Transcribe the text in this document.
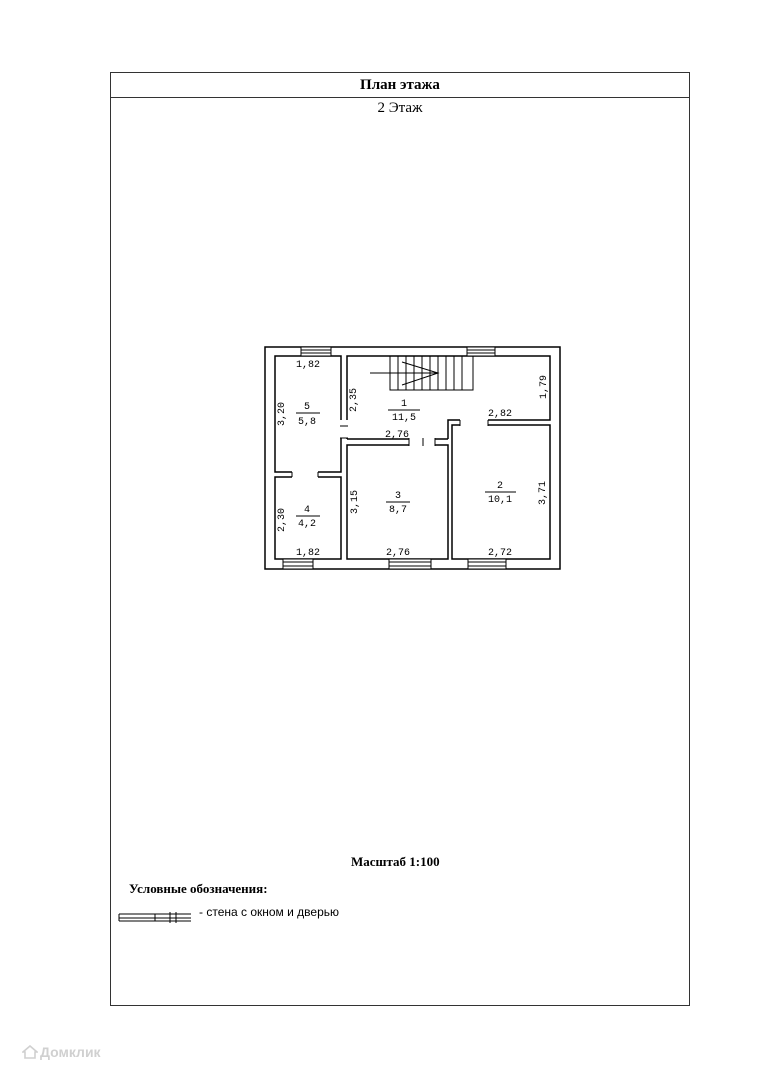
План этажа
2 Этаж
Масштаб 1:100
Условные обозначения:
- стена с окном и дверью
5
5,8
1
11,5
3
8,7
4
4,2
2
10,1
1,82
3,20
2,35
1,79
2,82
2,76
2,30
1,82
3,15
2,76
3,71
2,72
Домклик
